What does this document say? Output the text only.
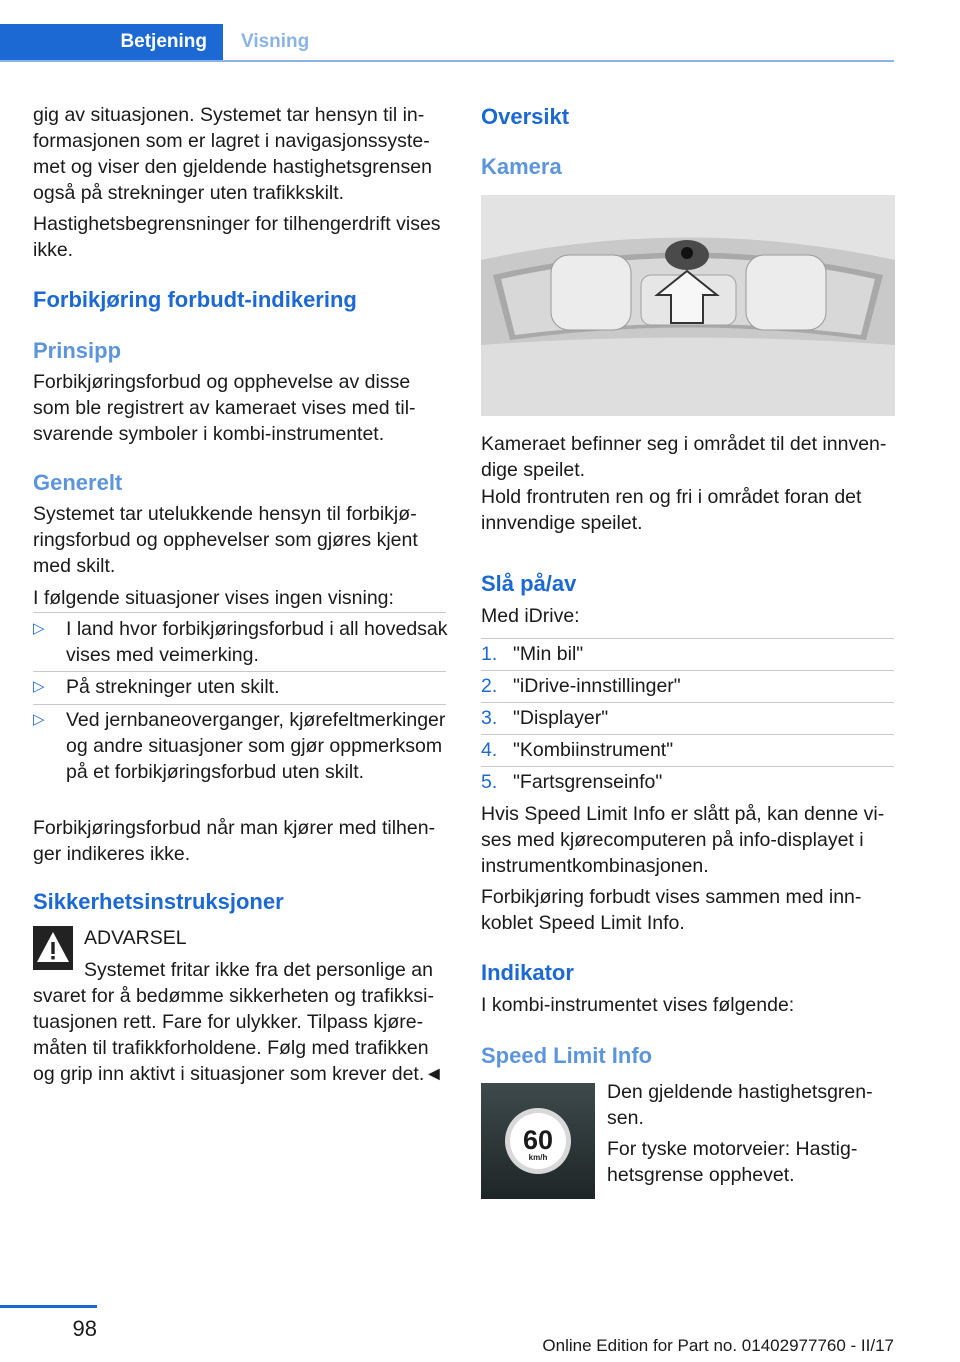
Betjening Visning

gig av situasjonen. Systemet tar hensyn til informasjonen som er lagret i navigasjonssystemet og viser den gjeldende hastighetsgrensen også på strekninger uten trafikkskilt.

Hastighetsbegrensninger for tilhengerdrift vises ikke.

Forbikjøring forbudt-indikering
Prinsipp

Forbikjøringsforbud og opphevelse av disse som ble registrert av kameraet vises med tilsvarende symboler i kombi-instrumentet.

Generelt

Systemet tar utelukkende hensyn til forbikjøringsforbud og opphevelser som gjøres kjent med skilt.

I følgende situasjoner vises ingen visning:

▷ I land hvor forbikjøringsforbud i all hovedsak vises med veimerking.
▷ På strekninger uten skilt.
▷ Ved jernbaneoverganger, kjørefeltmerkinger og andre situasjoner som gjør oppmerksom på et forbikjøringsforbud uten skilt.

Forbikjøringsforbud når man kjører med tilhenger indikeres ikke.

Sikkerhetsinstruksjoner
ADVARSEL
Systemet fritar ikke fra det personlige an
svaret for å bedømme sikkerheten og trafikksituasjonen rett. Fare for ulykker. Tilpass kjøremåten til trafikkforholdene. Følg med trafikken og grip inn aktivt i situasjoner som krever det.◄
Oversikt
Kamera

Kameraet befinner seg i området til det innvendige speilet.

Hold frontruten ren og fri i området foran det innvendige speilet.

Slå på/av

Med iDrive:

1. "Min bil"
2. "iDrive-innstillinger"
3. "Displayer"
4. "Kombiinstrument"
5. "Fartsgrenseinfo"

Hvis Speed Limit Info er slått på, kan denne vises med kjørecomputeren på info-displayet i instrumentkombinasjonen.

Forbikjøring forbudt vises sammen med innkoblet Speed Limit Info.

Indikator

I kombi-instrumentet vises følgende:

Speed Limit Info
60
km/h

Den gjeldende hastighetsgrensen.

For tyske motorveier: Hastighetsgrense opphevet.

98
Online Edition for Part no. 01402977760 - II/17
